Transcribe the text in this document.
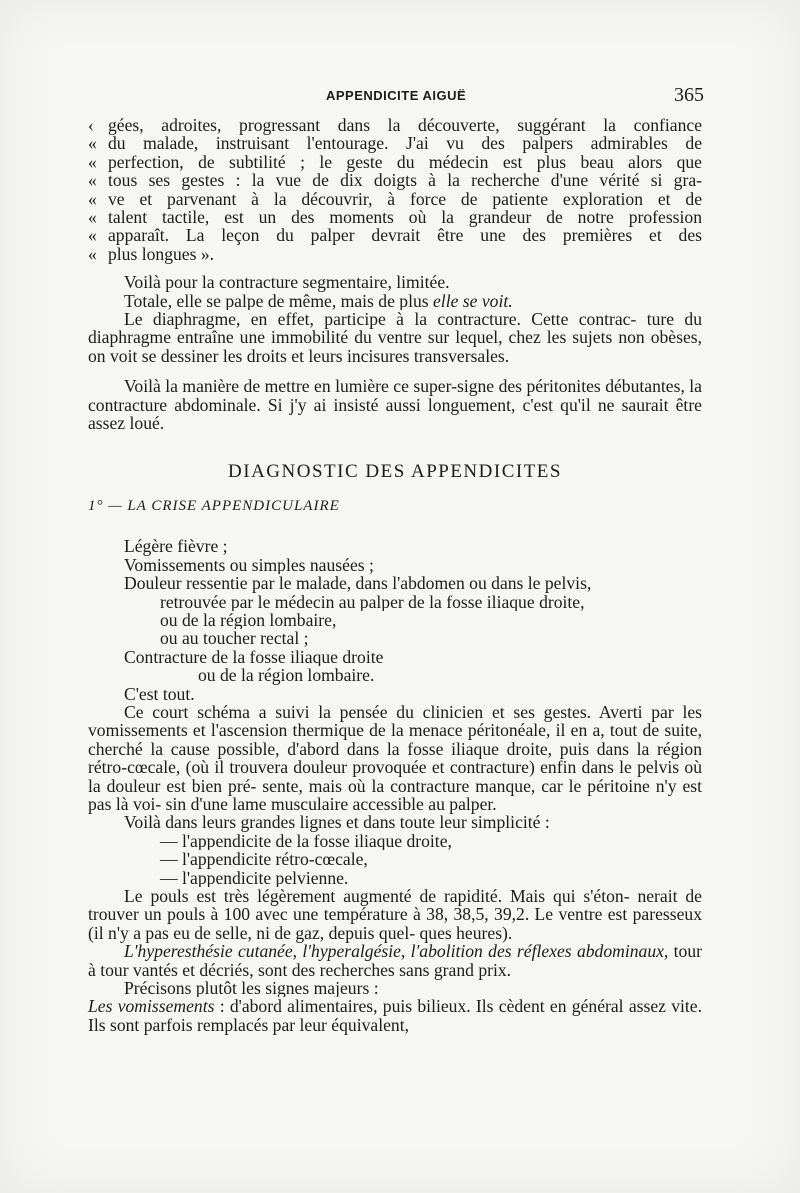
APPENDICITE AIGUË	365
‹ gées, adroites, progressant dans la découverte, suggérant la confiance
« du malade, instruisant l'entourage. J'ai vu des palpers admirables de
« perfection, de subtilité ; le geste du médecin est plus beau alors que
« tous ses gestes : la vue de dix doigts à la recherche d'une vérité si gra-
« ve et parvenant à la découvrir, à force de patiente exploration et de
« talent tactile, est un des moments où la grandeur de notre profession
« apparaît. La leçon du palper devrait être une des premières et des
« plus longues ».
Voilà pour la contracture segmentaire, limitée.
Totale, elle se palpe de même, mais de plus elle se voit.
Le diaphragme, en effet, participe à la contracture. Cette contrac- ture du diaphragme entraîne une immobilité du ventre sur lequel, chez les sujets non obèses, on voit se dessiner les droits et leurs incisures transversales.
Voilà la manière de mettre en lumière ce super-signe des péritonites débutantes, la contracture abdominale. Si j'y ai insisté aussi longuement, c'est qu'il ne saurait être assez loué.
DIAGNOSTIC DES APPENDICITES
1° — LA CRISE APPENDICULAIRE
Légère fièvre ;
Vomissements ou simples nausées ;
Douleur ressentie par le malade, dans l'abdomen ou dans le pelvis,
retrouvée par le médecin au palper de la fosse iliaque droite,
ou de la région lombaire,
ou au toucher rectal ;
Contracture de la fosse iliaque droite
ou de la région lombaire.
C'est tout.
Ce court schéma a suivi la pensée du clinicien et ses gestes. Averti par les vomissements et l'ascension thermique de la menace péritonéale, il en a, tout de suite, cherché la cause possible, d'abord dans la fosse iliaque droite, puis dans la région rétro-cœcale, (où il trouvera douleur provoquée et contracture) enfin dans le pelvis où la douleur est bien pré- sente, mais où la contracture manque, car le péritoine n'y est pas là voi- sin d'une lame musculaire accessible au palper.
Voilà dans leurs grandes lignes et dans toute leur simplicité :
— l'appendicite de la fosse iliaque droite,
— l'appendicite rétro-cœcale,
— l'appendicite pelvienne.
Le pouls est très légèrement augmenté de rapidité. Mais qui s'éton- nerait de trouver un pouls à 100 avec une température à 38, 38,5, 39,2. Le ventre est paresseux (il n'y a pas eu de selle, ni de gaz, depuis quel- ques heures).
L'hyperesthésie cutanée, l'hyperalgésie, l'abolition des réflexes abdominaux, tour à tour vantés et décriés, sont des recherches sans grand prix.
Précisons plutôt les signes majeurs :
Les vomissements : d'abord alimentaires, puis bilieux. Ils cèdent en général assez vite. Ils sont parfois remplacés par leur équivalent,
